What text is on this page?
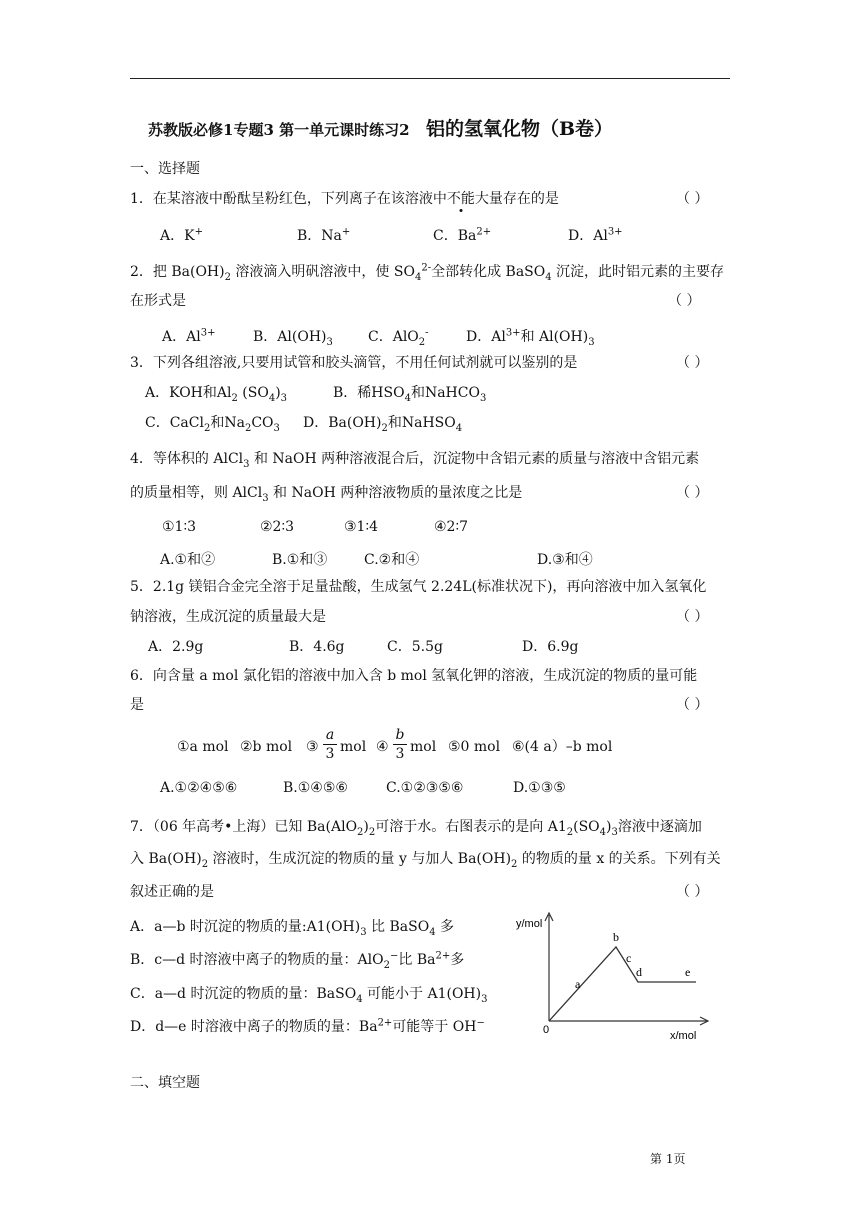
苏教版必修1专题3 第一单元课时练习2 铝的氢氧化物（B卷）
一、选择题
1．在某溶液中酚酞呈粉红色，下列离子在该溶液中不能大量存在的是	（ ）
A．K+	B．Na+	C．$Ba^{2+}$	D．$Al^{3+}$
2．把 $Ba(OH)_2$ 溶液滴入明矾溶液中，使 $SO_4^{2-}$全部转化成 BaSO$_4$ 沉淀，此时铝元素的主要存
在形式是	（ ）
A．$Al^{3+}$	B．$Al(OH)_3$	C．AlO$_2$-	D．$Al^{3+}$和 $Al(OH)_3$
3．下列各组溶液,只要用试管和胶头滴管，不用任何试剂就可以鉴别的是	（ ）
A．KOH和$Al_2$ $(SO_4)_3$	B．稀$HSO_4$和NaHCO$_3$
C．CaCl$_2$和$Na_2CO_3$ D．$Ba(OH)_2$和NaHSO$_4$
4．等体积的 AlCl$_3$ 和 NaOH 两种溶液混合后，沉淀物中含铝元素的质量与溶液中含铝元素
的质量相等，则 AlCl$_3$ 和 NaOH 两种溶液物质的量浓度之比是	（ ）
①1∶3	②2∶3	③1∶4	④2∶7
A.①和②	B.①和③	C.②和④	D.③和④
5．2.1g 镁铝合金完全溶于足量盐酸，生成氢气 2.24L(标准状况下)，再向溶液中加入氢氧化
钠溶液，生成沉淀的质量最大是	（ ）
A．2.9g	B．4.6g	C．5.5g	D．6.9g
6．向含量 a mol 氯化铝的溶液中加入含 b mol 氢氧化钾的溶液，生成沉淀的物质的量可能
是	（ ）
①a mol ②b mol ③ $\frac{a}{3}$ mol ④ $\frac{b}{3}$ mol ⑤0 mol ⑥(4 a）–b mol
A.①②④⑤⑥	B.①④⑤⑥	C.①②③⑤⑥	D.①③⑤
7．（06 年高考•上海）已知 $Ba(AlO_2)_2$可溶于水。右图表示的是向 $A1_2(SO_4)_3$溶液中逐滴加
入 $Ba(OH)_2$ 溶液时，生成沉淀的物质的量 y 与加人 $Ba(OH)_2$ 的物质的量 x 的关系。下列有关
叙述正确的是	（ ）
A．a—b 时沉淀的物质的量$:A1(OH)_3$ 比 BaSO$_4$ 多
B．c—d 时溶液中离子的物质的量：AlO$_2$−比 $Ba^{2+}$多
C．a—d 时沉淀的物质的量：BaSO$_4$ 可能小于 $A1(OH)_3$
D．d—e 时溶液中离子的物质的量：$Ba^{2+}$可能等于 OH−
y/mol
x/mol
0
a
b
c
d	e
二、填空题
第 1页
